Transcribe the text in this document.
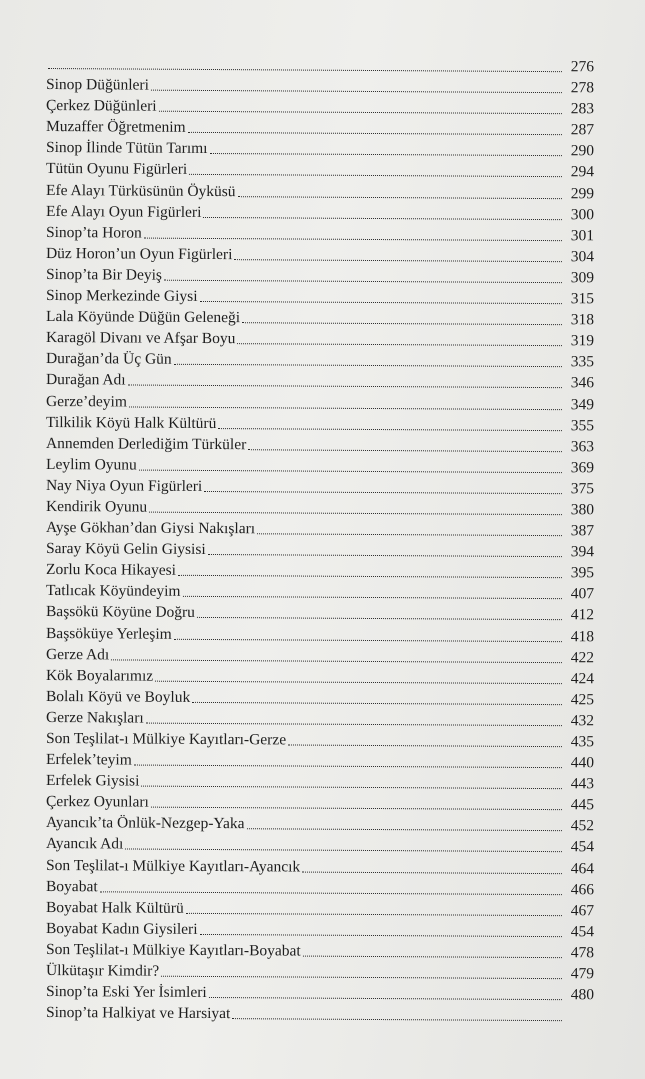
276
Sinop Düğünleri	278
Çerkez Düğünleri	283
Muzaffer Öğretmenim	287
Sinop İlinde Tütün Tarımı	290
Tütün Oyunu Figürleri	294
Efe Alayı Türküsünün Öyküsü	299
Efe Alayı Oyun Figürleri	300
Sinop’ta Horon	301
Düz Horon’un Oyun Figürleri	304
Sinop’ta Bir Deyiş	309
Sinop Merkezinde Giysi	315
Lala Köyünde Düğün Geleneği	318
Karagöl Divanı ve Afşar Boyu	319
Durağan’da Üç Gün	335
Durağan Adı	346
Gerze’deyim	349
Tilkilik Köyü Halk Kültürü	355
Annemden Derlediğim Türküler	363
Leylim Oyunu	369
Nay Niya Oyun Figürleri	375
Kendirik Oyunu	380
Ayşe Gökhan’dan Giysi Nakışları	387
Saray Köyü Gelin Giysisi	394
Zorlu Koca Hikayesi	395
Tatlıcak Köyündeyim	407
Başsökü Köyüne Doğru	412
Başsöküye Yerleşim	418
Gerze Adı	422
Kök Boyalarımız	424
Bolalı Köyü ve Boyluk	425
Gerze Nakışları	432
Son Teşlilat-ı Mülkiye Kayıtları-Gerze	435
Erfelek’teyim	440
Erfelek Giysisi	443
Çerkez Oyunları	445
Ayancık’ta Önlük-Nezgep-Yaka	452
Ayancık Adı	454
Son Teşlilat-ı Mülkiye Kayıtları-Ayancık	464
Boyabat	466
Boyabat Halk Kültürü	467
Boyabat Kadın Giysileri	454
Son Teşlilat-ı Mülkiye Kayıtları-Boyabat	478
Ülkütaşır Kimdir?	479
Sinop’ta Eski Yer İsimleri	480
Sinop’ta Halkiyat ve Harsiyat
